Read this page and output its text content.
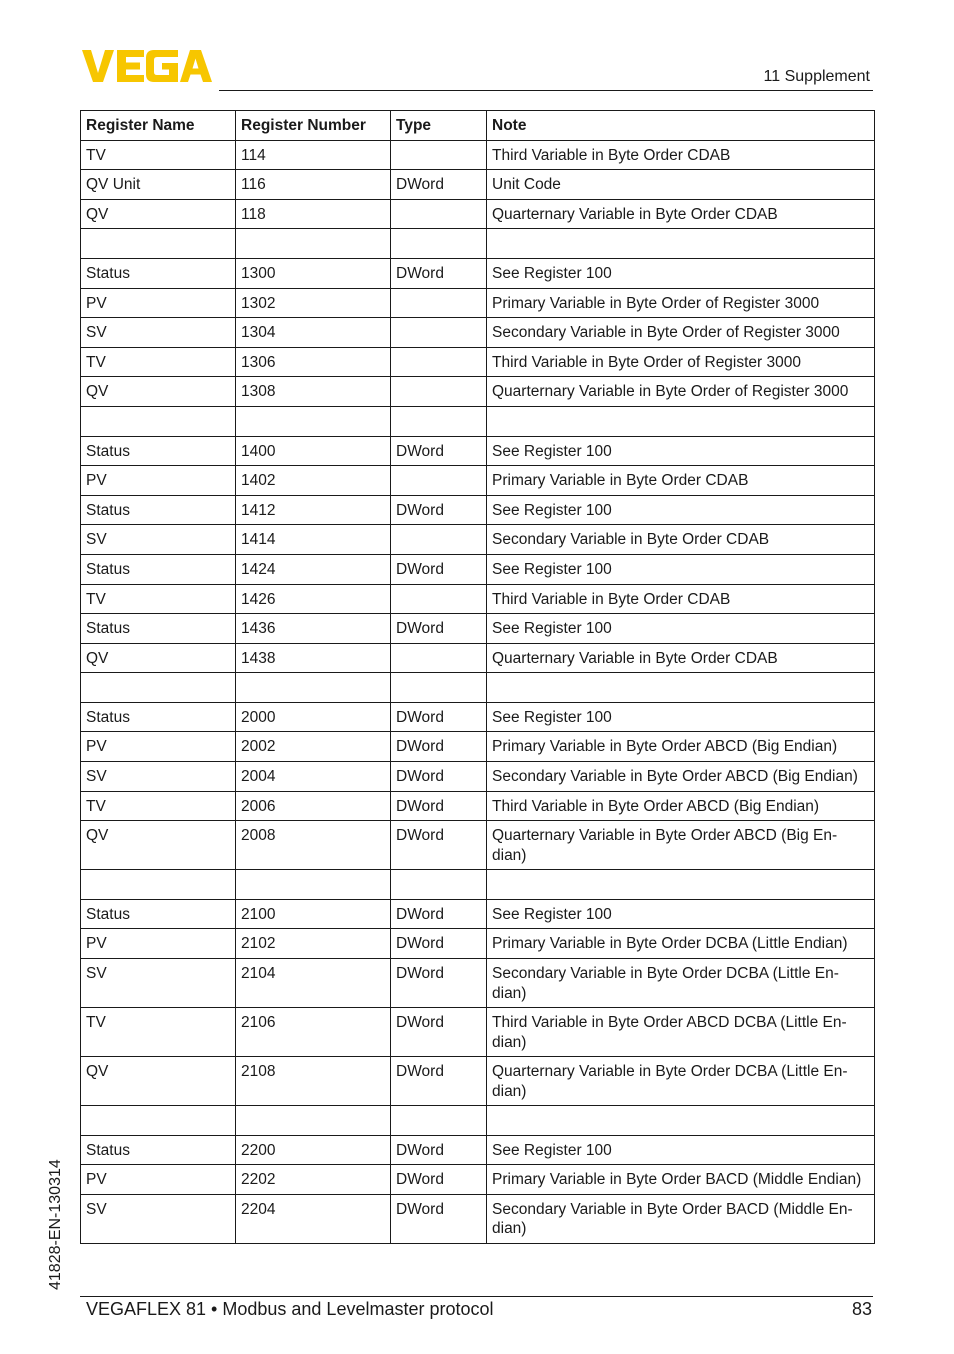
11 Supplement
Register Name	Register Number	Type	Note
TV	114		Third Variable in Byte Order CDAB
QV Unit	116	DWord	Unit Code
QV	118		Quarternary Variable in Byte Order CDAB

Status	1300	DWord	See Register 100
PV	1302		Primary Variable in Byte Order of Register 3000
SV	1304		Secondary Variable in Byte Order of Register 3000
TV	1306		Third Variable in Byte Order of Register 3000
QV	1308		Quarternary Variable in Byte Order of Register 3000

Status	1400	DWord	See Register 100
PV	1402		Primary Variable in Byte Order CDAB
Status	1412	DWord	See Register 100
SV	1414		Secondary Variable in Byte Order CDAB
Status	1424	DWord	See Register 100
TV	1426		Third Variable in Byte Order CDAB
Status	1436	DWord	See Register 100
QV	1438		Quarternary Variable in Byte Order CDAB

Status	2000	DWord	See Register 100
PV	2002	DWord	Primary Variable in Byte Order ABCD (Big Endian)
SV	2004	DWord	Secondary Variable in Byte Order ABCD (Big Endian)
TV	2006	DWord	Third Variable in Byte Order ABCD (Big Endian)
QV	2008	DWord	Quarternary Variable in Byte Order ABCD (Big En-
dian)

Status	2100	DWord	See Register 100
PV	2102	DWord	Primary Variable in Byte Order DCBA (Little Endian)
SV	2104	DWord	Secondary Variable in Byte Order DCBA (Little En-
dian)
TV	2106	DWord	Third Variable in Byte Order ABCD DCBA (Little En-
dian)
QV	2108	DWord	Quarternary Variable in Byte Order DCBA (Little En-
dian)

Status	2200	DWord	See Register 100
PV	2202	DWord	Primary Variable in Byte Order BACD (Middle Endian)
SV	2204	DWord	Secondary Variable in Byte Order BACD (Middle En-
dian)
41828-EN-130314
VEGAFLEX 81 • Modbus and Levelmaster protocol	83
